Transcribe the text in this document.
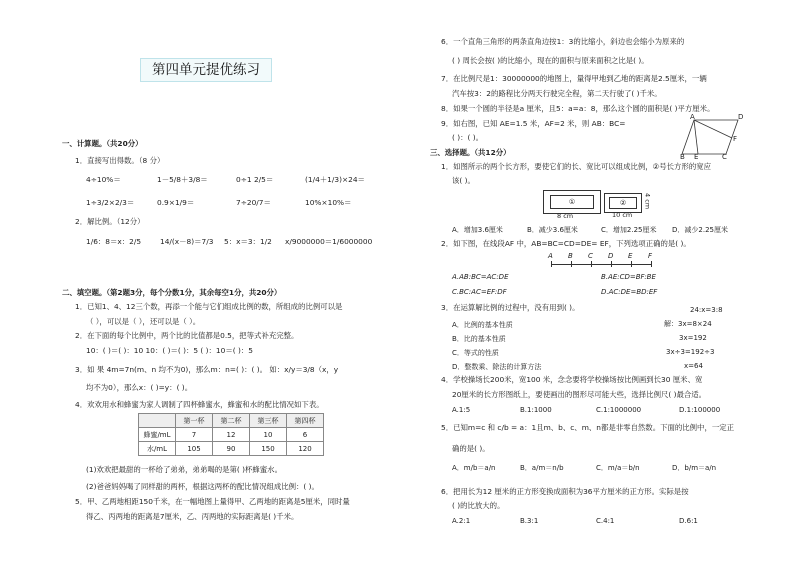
第四单元提优练习
一、计算题。（共20分）
1．直接写出得数。（8 分）
4÷10%＝	1－5/8＋3/8＝	0÷1 2/5＝	(1/4＋1/3)×24＝
1÷3/2×2/3＝	0.9×1/9＝	7÷20/7＝	10%×10%＝
2．解比例。（12分）
1/6：8＝x：2/5	14/(x－8)＝7/3 5：x＝3：1/2 x/9000000＝1/6000000
二、填空题。（第2题3分，每个分数1分，其余每空1分，共20分）
1．已知1、4、12三个数，再添一个能与它们组成比例的数，所组成的比例可以是
（ ），可以是（ ），还可以是（ ）。
2．在下面的每个比例中，两个比的比值都是0.5，把等式补充完整。
10：( )＝( )：10 10：( )＝( )：5 ( )：10＝( )：5
3．如 果 4m=7n(m、n 均不为0)，那么m：n=( )：( )。 如：x/y＝3/8（x，y
均不为0），那么x：( )=y：( )。
4．欢欢用水和蜂蜜为家人调制了四杯蜂蜜水，蜂蜜和水的配比情况如下表。
	第一杯	第二杯	第三杯	第四杯
蜂蜜/mL	7	12	10	6
水/mL	105	90	150	120
(1)欢欢把最甜的一杯给了弟弟，弟弟喝的是第( )杯蜂蜜水。
(2)爸爸妈妈喝了同样甜的两杯，根据这两杯的配比情况组成比例：( )。
5．甲、乙两地相距150千米，在一幅地图上量得甲、乙两地的距离是5厘米，同时量
得乙、丙两地的距离是7厘米，乙、丙两地的实际距离是( )千米。
6．一个直角三角形的两条直角边按1：3的比缩小，斜边也会缩小为原来的
( ) 周长会按( )的比缩小，现在的面积与原来面积之比是( )。
7．在比例尺是1：30000000的地图上，量得甲地到乙地的距离是2.5厘米，一辆
汽车按3：2的路程比分两天行驶完全程，第二天行驶了( )千米。
8．如果一个圆的半径是a 厘米，且5：a=a：8，那么这个圆的面积是( )平方厘米。
9．如右图，已知 AE=1.5 米，AF=2 米，则 AB：BC=
( )：( )。
A	D
B E	C
F
三、选择题。（共12分）
1．如图所示的两个长方形，要使它们的长、宽比可以组成比例，②号长方形的宽应
该( )。
①
8 cm
②
10 cm
4 cm
A．增加3.6厘米	B．减少3.6厘米	C．增加2.25厘米 D．减少2.25厘米
2．如下图，在线段AF 中，AB=BC=CD=DE= EF，下列选项正确的是( )。
A B C D E F
A.AB:BC=AC:DE	B.AE:CD=BF:BE
C.BC:AC=EF:DF	D.AC:DE=BD:EF
3．在运算解比例的过程中，没有用到( )。
A．比例的基本性质
B．比的基本性质
C．等式的性质
D．整数乘、除法的计算方法
24:x=3:8
解：3x=8×24
3x=192
3x÷3=192÷3
x=64
4．学校操场长200米，宽100 米，念念要将学校操场按比例画到长30 厘米、宽
20厘米的长方形图纸上，要使画出的图形尽可能大些，选择比例尺( )最合适。
A.1:5	B.1:1000	C.1:1000000	D.1:100000
5．已知m=c 和 c/b = a：1且m、b、c、m、n都是非零自然数。下面的比例中，一定正
确的是( )。
A．m/b＝a/n	B．a/m＝n/b	C．m/a＝b/n	D．b/m＝a/n
6．把用长为12 厘米的正方形变换成面积为36平方厘米的正方形。实际是按
( )的比放大的。
A.2:1	B.3:1	C.4:1	D.6:1
